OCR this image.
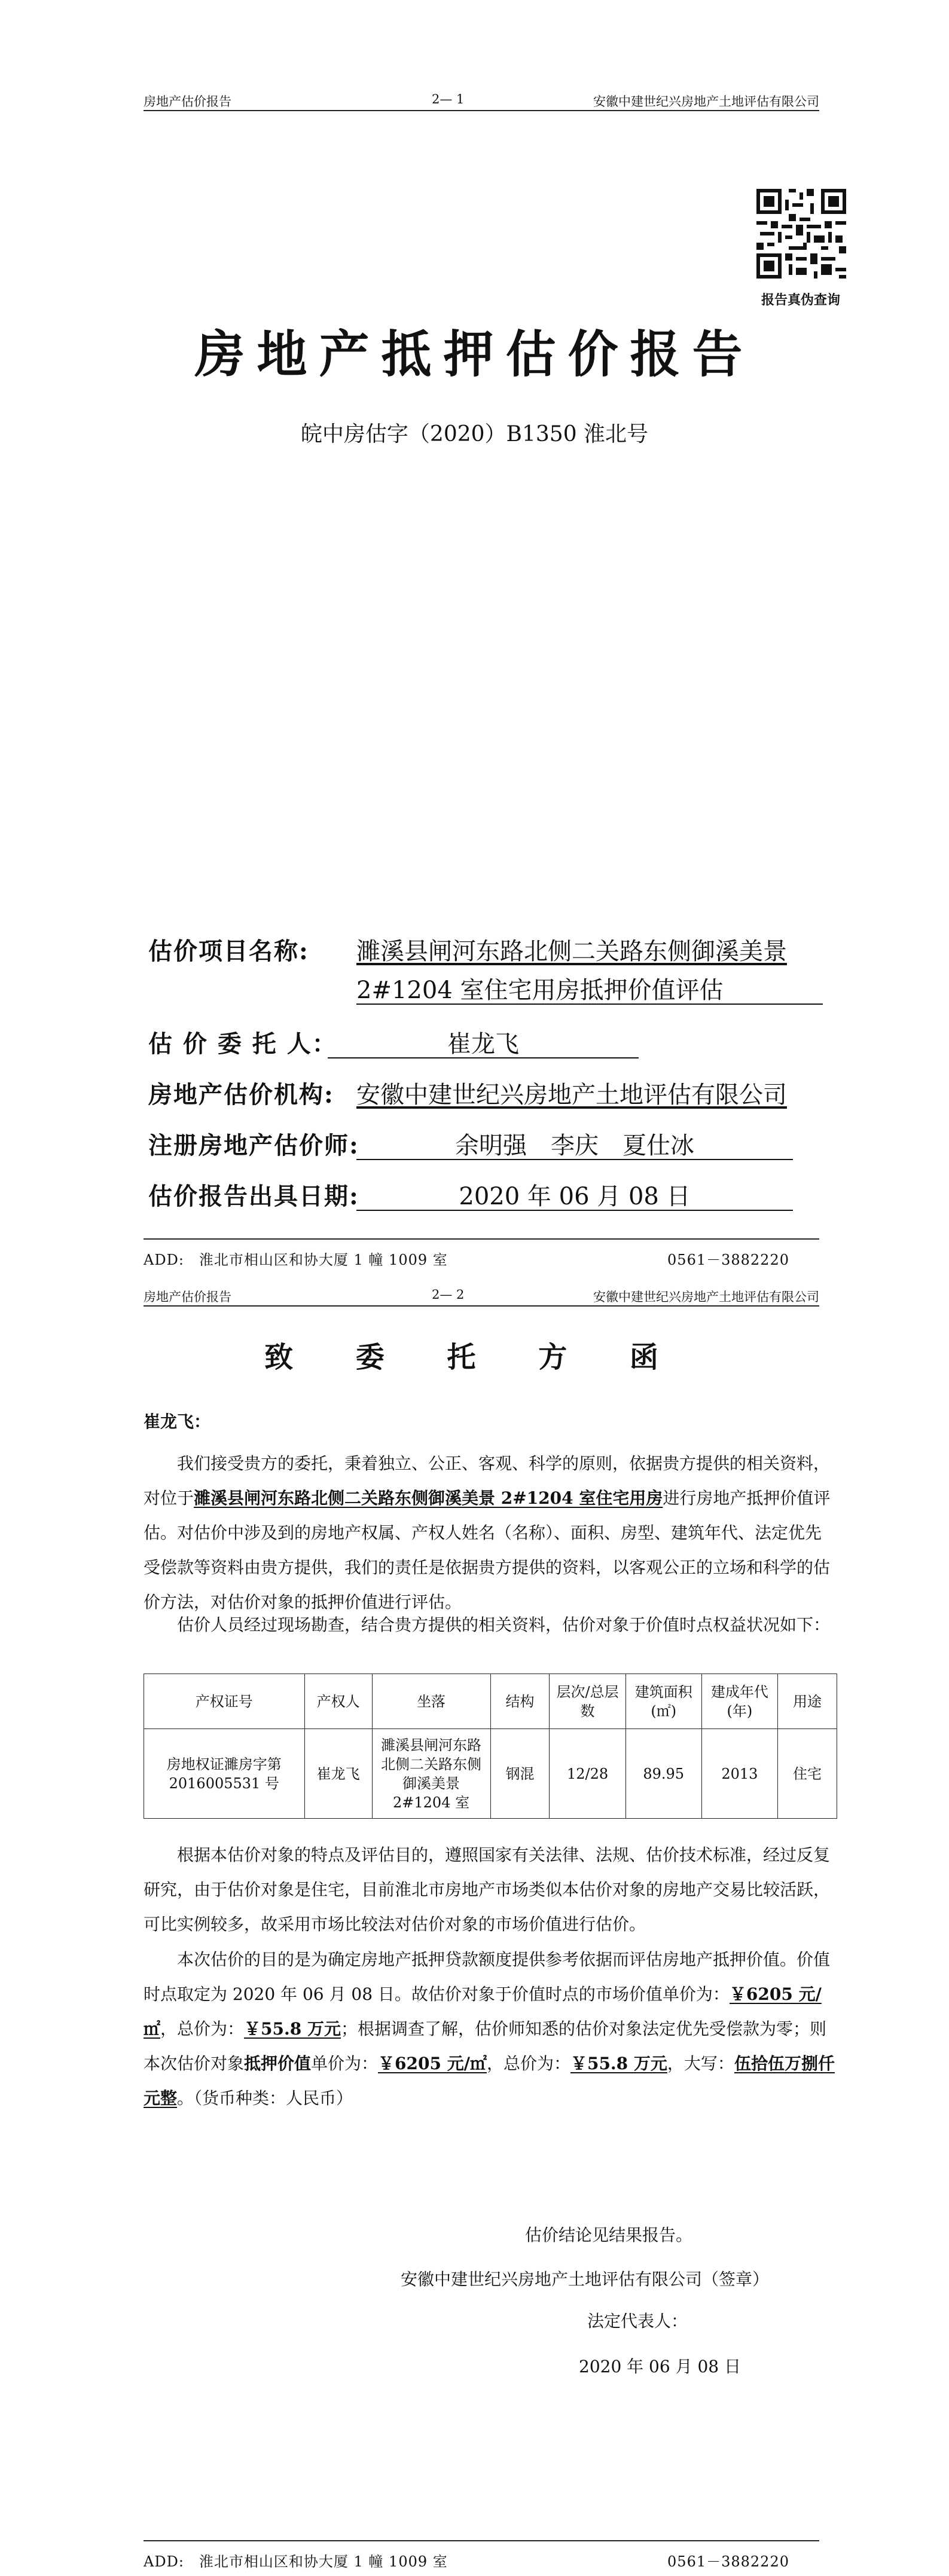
房地产估价报告	2— 1	安徽中建世纪兴房地产土地评估有限公司
报告真伪查询
房地产抵押估价报告
皖中房估字（2020）B1350 淮北号
估价项目名称: 濉溪县闸河东路北侧二关路东侧御溪美景
2#1204 室住宅用房抵押价值评估
估 价 委 托 人：	崔龙飞
房地产估价机构: 安徽中建世纪兴房地产土地评估有限公司
注册房地产估价师:	余明强　李庆　夏仕冰
估价报告出具日期:	2020 年 06 月 08 日
ADD:　淮北市相山区和协大厦 1 幢 1009 室	0561－3882220
房地产估价报告	2— 2	安徽中建世纪兴房地产土地评估有限公司
致 委 托 方 函
崔龙飞：
我们接受贵方的委托，秉着独立、公正、客观、科学的原则，依据贵方提供的相关资料，对位于濉溪县闸河东路北侧二关路东侧御溪美景 2#1204 室住宅用房进行房地产抵押价值评估。对估价中涉及到的房地产权属、产权人姓名（名称）、面积、房型、建筑年代、法定优先受偿款等资料由贵方提供，我们的责任是依据贵方提供的资料，以客观公正的立场和科学的估价方法，对估价对象的抵押价值进行评估。
估价人员经过现场勘查，结合贵方提供的相关资料，估价对象于价值时点权益状况如下：
产权证号	产权人	坐落	结构	层次/总层数	建筑面积(㎡)	建成年代(年)	用途
房地权证濉房字第 2016005531 号	崔龙飞	濉溪县闸河东路北侧二关路东侧御溪美景 2#1204 室	钢混	12/28	89.95	2013	住宅
根据本估价对象的特点及评估目的，遵照国家有关法律、法规、估价技术标准，经过反复研究，由于估价对象是住宅，目前淮北市房地产市场类似本估价对象的房地产交易比较活跃，可比实例较多，故采用市场比较法对估价对象的市场价值进行估价。
本次估价的目的是为确定房地产抵押贷款额度提供参考依据而评估房地产抵押价值。价值时点取定为 2020 年 06 月 08 日。故估价对象于价值时点的市场价值单价为：￥6205 元/㎡，总价为：￥55.8 万元；根据调查了解，估价师知悉的估价对象法定优先受偿款为零；则本次估价对象抵押价值单价为：￥6205 元/㎡，总价为：￥55.8 万元，大写：伍拾伍万捌仟元整。（货币种类：人民币）
估价结论见结果报告。
安徽中建世纪兴房地产土地评估有限公司（签章）
法定代表人：
2020 年 06 月 08 日
ADD:　淮北市相山区和协大厦 1 幢 1009 室	0561－3882220
